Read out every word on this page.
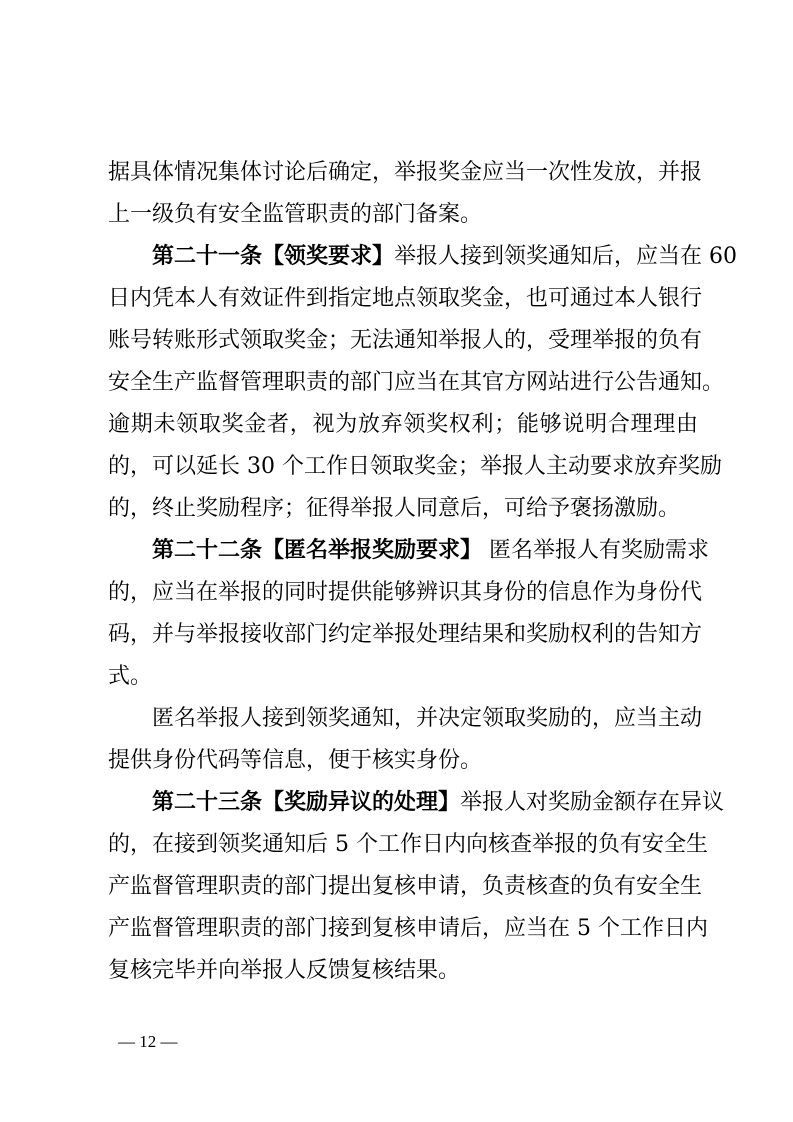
据具体情况集体讨论后确定，举报奖金应当一次性发放，并报
上一级负有安全监管职责的部门备案。
第二十一条【领奖要求】举报人接到领奖通知后，应当在 60
日内凭本人有效证件到指定地点领取奖金，也可通过本人银行
账号转账形式领取奖金；无法通知举报人的，受理举报的负有
安全生产监督管理职责的部门应当在其官方网站进行公告通知。
逾期未领取奖金者，视为放弃领奖权利；能够说明合理理由
的，可以延长 30 个工作日领取奖金；举报人主动要求放弃奖励
的，终止奖励程序；征得举报人同意后，可给予褒扬激励。
第二十二条【匿名举报奖励要求】 匿名举报人有奖励需求
的，应当在举报的同时提供能够辨识其身份的信息作为身份代
码，并与举报接收部门约定举报处理结果和奖励权利的告知方
式。
匿名举报人接到领奖通知，并决定领取奖励的，应当主动
提供身份代码等信息，便于核实身份。
第二十三条【奖励异议的处理】举报人对奖励金额存在异议
的，在接到领奖通知后 5 个工作日内向核查举报的负有安全生
产监督管理职责的部门提出复核申请，负责核查的负有安全生
产监督管理职责的部门接到复核申请后，应当在 5 个工作日内
复核完毕并向举报人反馈复核结果。
— 12 —
